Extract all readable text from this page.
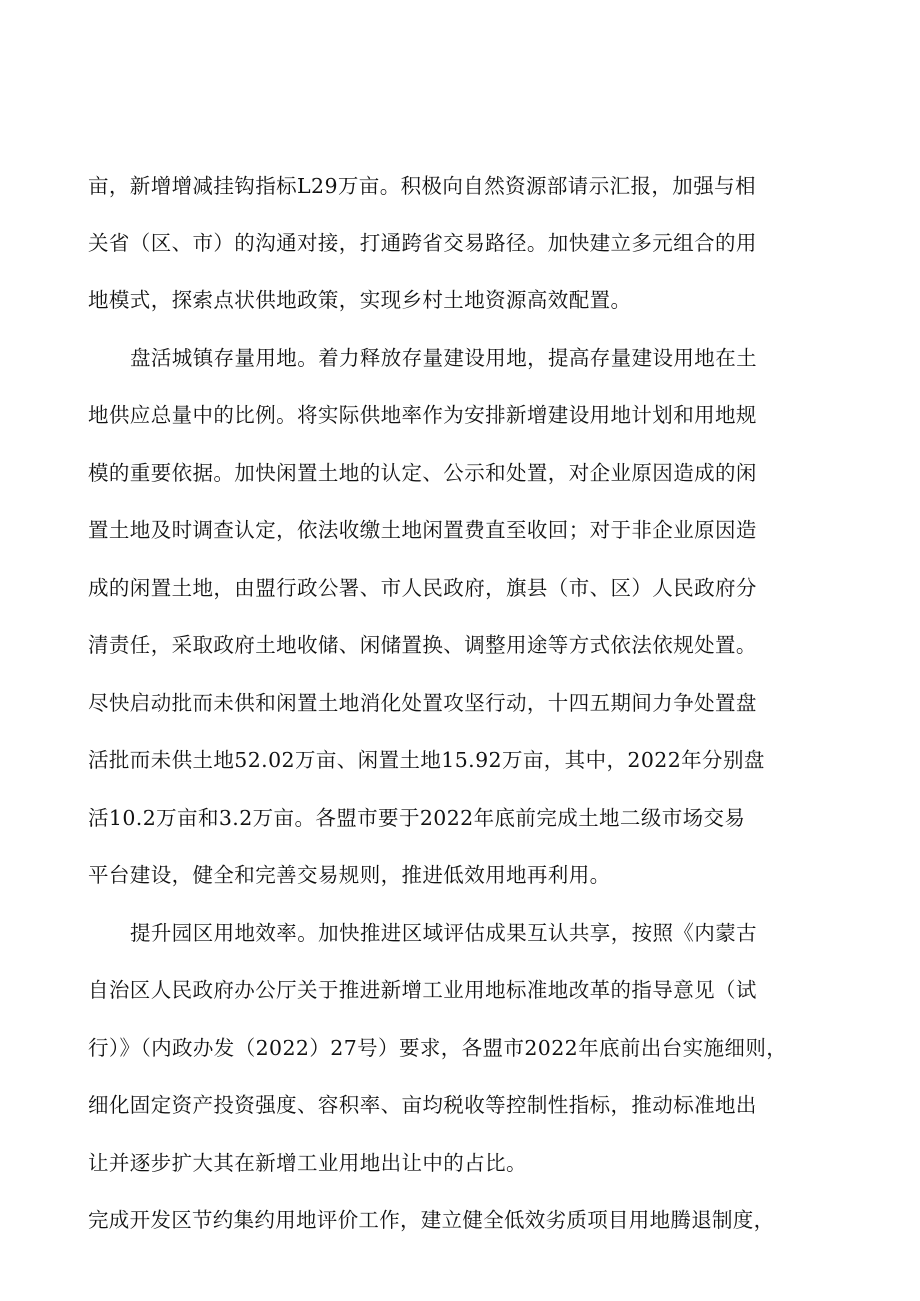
亩，新增增减挂钩指标L29万亩。积极向自然资源部请示汇报，加强与相
关省（区、市）的沟通对接，打通跨省交易路径。加快建立多元组合的用
地模式，探索点状供地政策，实现乡村土地资源高效配置。
盘活城镇存量用地。着力释放存量建设用地，提高存量建设用地在土
地供应总量中的比例。将实际供地率作为安排新增建设用地计划和用地规
模的重要依据。加快闲置土地的认定、公示和处置，对企业原因造成的闲
置土地及时调查认定，依法收缴土地闲置费直至收回；对于非企业原因造
成的闲置土地，由盟行政公署、市人民政府，旗县（市、区）人民政府分
清责任，采取政府土地收储、闲储置换、调整用途等方式依法依规处置。
尽快启动批而未供和闲置土地消化处置攻坚行动，十四五期间力争处置盘
活批而未供土地52.02万亩、闲置土地15.92万亩，其中，2022年分别盘
活10.2万亩和3.2万亩。各盟市要于2022年底前完成土地二级市场交易
平台建设，健全和完善交易规则，推进低效用地再利用。
提升园区用地效率。加快推进区域评估成果互认共享，按照《内蒙古
自治区人民政府办公厅关于推进新增工业用地标准地改革的指导意见（试
行）》（内政办发（2022）27号）要求，各盟市2022年底前出台实施细则，
细化固定资产投资强度、容积率、亩均税收等控制性指标，推动标准地出
让并逐步扩大其在新增工业用地出让中的占比。
完成开发区节约集约用地评价工作，建立健全低效劣质项目用地腾退制度，
